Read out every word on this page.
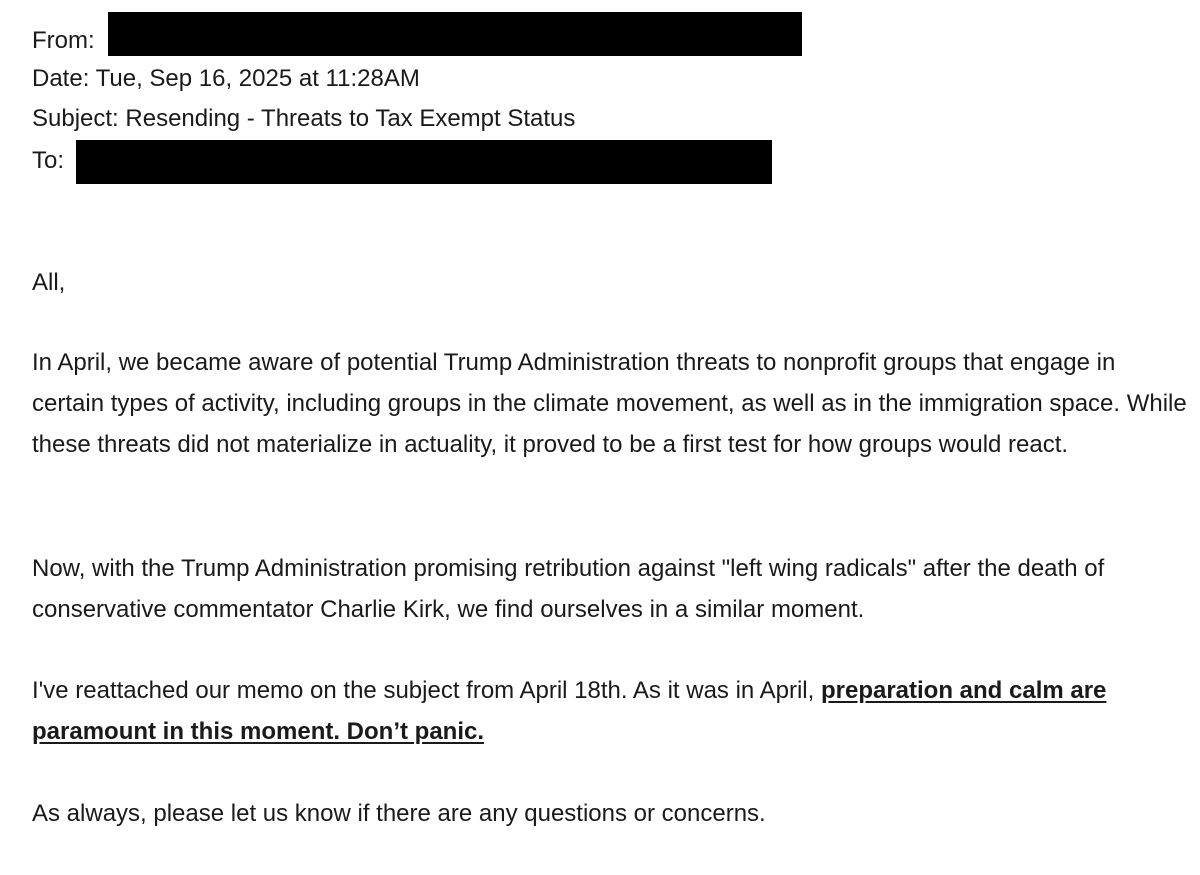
From:
Date: Tue, Sep 16, 2025 at 11:28AM
Subject: Resending - Threats to Tax Exempt Status
To:
All,
In April, we became aware of potential Trump Administration threats to nonprofit groups that engage in certain types of activity, including groups in the climate movement, as well as in the immigration space. While these threats did not materialize in actuality, it proved to be a first test for how groups would react.
Now, with the Trump Administration promising retribution against "left wing radicals" after the death of conservative commentator Charlie Kirk, we find ourselves in a similar moment.
I've reattached our memo on the subject from April 18th. As it was in April, preparation and calm are paramount in this moment. Don’t panic.
As always, please let us know if there are any questions or concerns.
